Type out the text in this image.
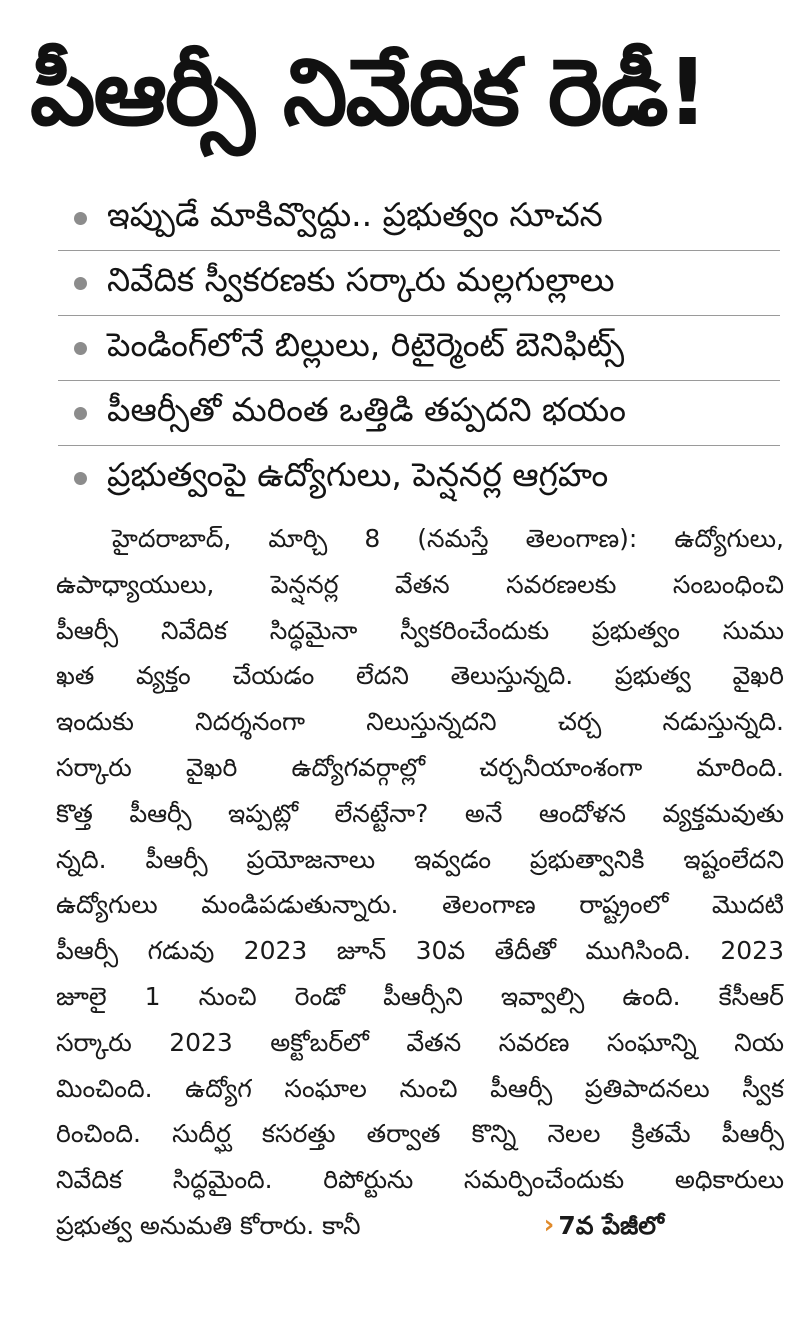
పీఆర్సీ నివేదిక రెడీ!
ఇప్పుడే మాకివ్వొద్దు.. ప్రభుత్వం సూచన
నివేదిక స్వీకరణకు సర్కారు మల్లగుల్లాలు
పెండింగ్‌లోనే బిల్లులు, రిటైర్మెంట్ బెనిఫిట్స్
పీఆర్సీతో మరింత ఒత్తిడి తప్పదని భయం
ప్రభుత్వంపై ఉద్యోగులు, పెన్షనర్ల ఆగ్రహం
హైదరాబాద్, మార్చి 8 (నమస్తే తెలంగాణ): ఉద్యోగులు,
ఉపాధ్యాయులు, పెన్షనర్ల వేతన సవరణలకు సంబంధించి
పీఆర్సీ నివేదిక సిద్ధమైనా స్వీకరించేందుకు ప్రభుత్వం సుము
ఖత వ్యక్తం చేయడం లేదని తెలుస్తున్నది. ప్రభుత్వ వైఖరి
ఇందుకు నిదర్శనంగా నిలుస్తున్నదని చర్చ నడుస్తున్నది.
సర్కారు వైఖరి ఉద్యోగవర్గాల్లో చర్చనీయాంశంగా మారింది.
కొత్త పీఆర్సీ ఇప్పట్లో లేనట్టేనా? అనే ఆందోళన వ్యక్తమవుతు
న్నది. పీఆర్సీ ప్రయోజనాలు ఇవ్వడం ప్రభుత్వానికి ఇష్టంలేదని
ఉద్యోగులు మండిపడుతున్నారు. తెలంగాణ రాష్ట్రంలో మొదటి
పీఆర్సీ గడువు 2023 జూన్ 30వ తేదీతో ముగిసింది. 2023
జూలై 1 నుంచి రెండో పీఆర్సీని ఇవ్వాల్సి ఉంది. కేసీఆర్
సర్కారు 2023 అక్టోబర్‌లో వేతన సవరణ సంఘాన్ని నియ
మించింది. ఉద్యోగ సంఘాల నుంచి పీఆర్సీ ప్రతిపాదనలు స్వీక
రించింది. సుదీర్ఘ కసరత్తు తర్వాత కొన్ని నెలల క్రితమే పీఆర్సీ
నివేదిక సిద్ధమైంది. రిపోర్టును సమర్పించేందుకు అధికారులు
ప్రభుత్వ అనుమతి కోరారు. కానీ	› 7వ పేజీలో
